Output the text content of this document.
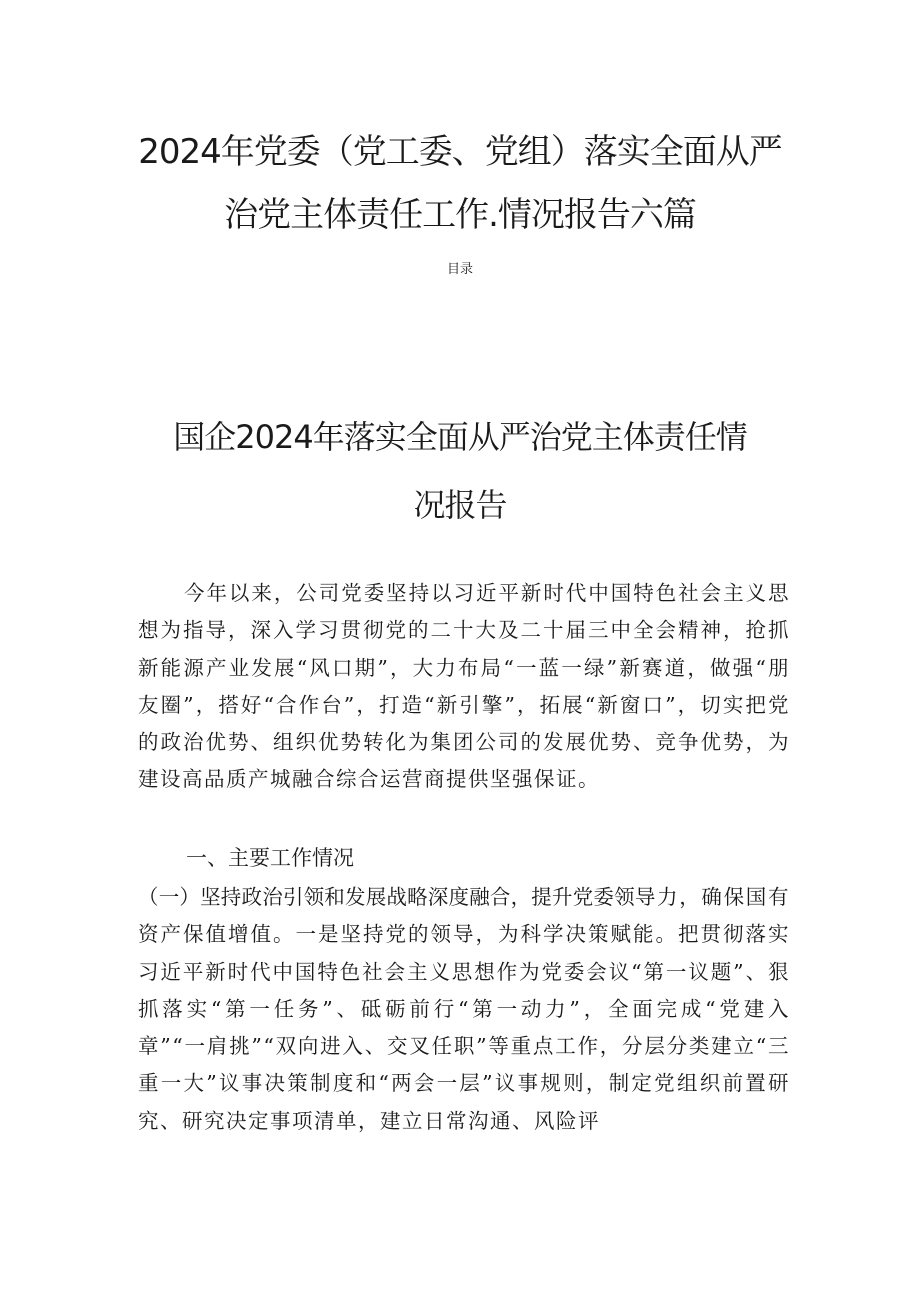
2024年党委（党工委、党组）落实全面从严
治党主体责任工作.情况报告六篇
目录
国企2024年落实全面从严治党主体责任情
况报告

今年以来，公司党委坚持以习近平新时代中国特色社会主义思想为指导，深入学习贯彻党的二十大及二十届三中全会精神，抢抓新能源产业发展“风口期”，大力布局“一蓝一绿”新赛道，做强“朋友圈”，搭好“合作台”，打造“新引擎”，拓展“新窗口”，切实把党的政治优势、组织优势转化为集团公司的发展优势、竞争优势，为建设高品质产城融合综合运营商提供坚强保证。

一、主要工作情况

（一）坚持政治引领和发展战略深度融合，提升党委领导力，确保国有资产保值增值。一是坚持党的领导，为科学决策赋能。把贯彻落实习近平新时代中国特色社会主义思想作为党委会议“第一议题”、狠抓落实“第一任务”、砥砺前行“第一动力”，全面完成“党建入章”“一肩挑”“双向进入、交叉任职”等重点工作，分层分类建立“三重一大”议事决策制度和“两会一层”议事规则，制定党组织前置研究、研究决定事项清单，建立日常沟通、风险评
